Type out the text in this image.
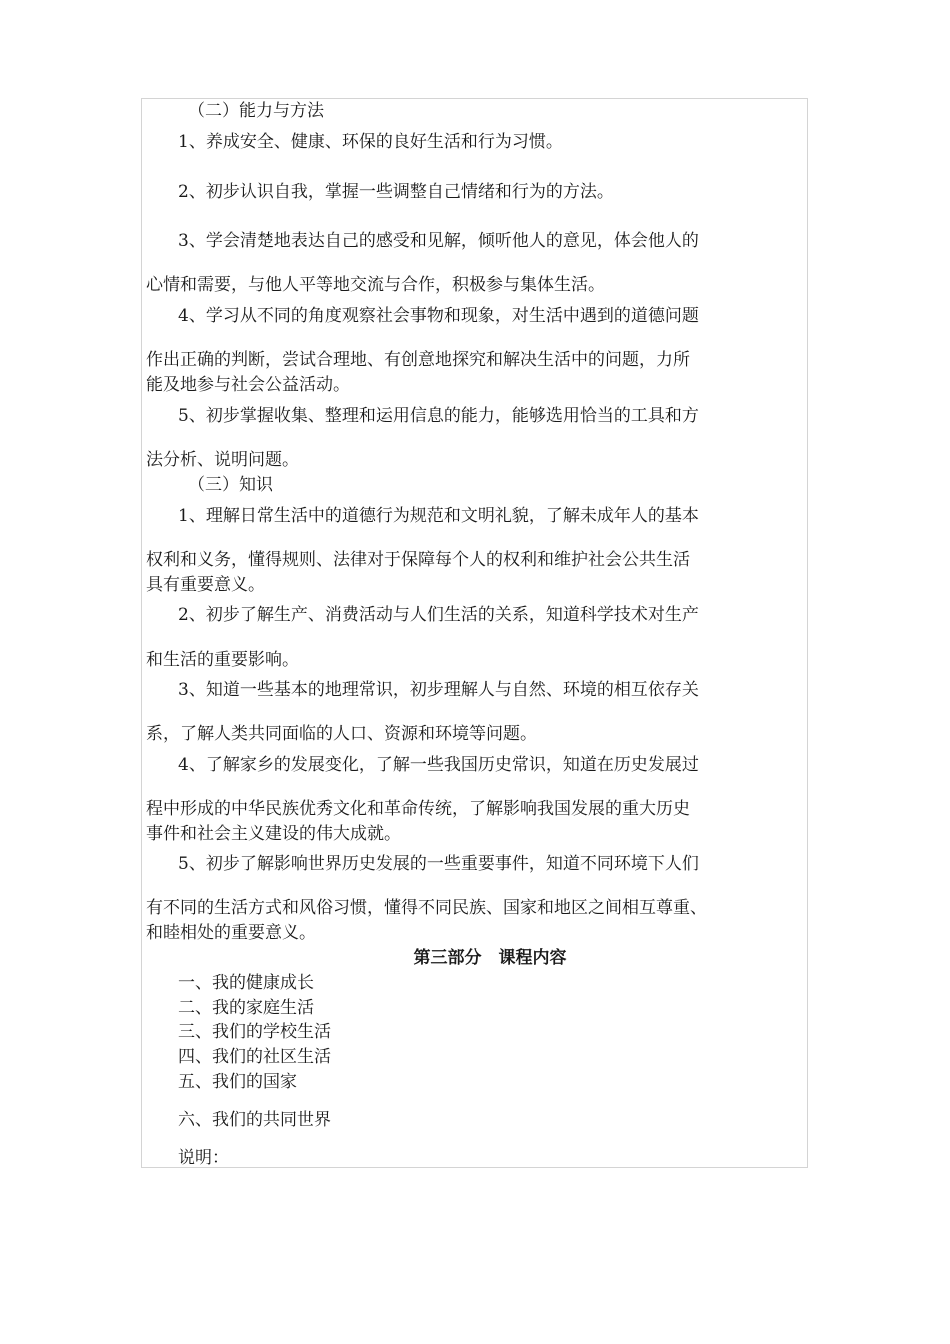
（二）能力与方法
1、养成安全、健康、环保的良好生活和行为习惯。
2、初步认识自我，掌握一些调整自己情绪和行为的方法。
3、学会清楚地表达自己的感受和见解，倾听他人的意见，体会他人的
心情和需要，与他人平等地交流与合作，积极参与集体生活。
4、学习从不同的角度观察社会事物和现象，对生活中遇到的道德问题
作出正确的判断，尝试合理地、有创意地探究和解决生活中的问题，力所
能及地参与社会公益活动。
5、初步掌握收集、整理和运用信息的能力，能够选用恰当的工具和方
法分析、说明问题。
（三）知识
1、理解日常生活中的道德行为规范和文明礼貌，了解未成年人的基本
权利和义务，懂得规则、法律对于保障每个人的权利和维护社会公共生活
具有重要意义。
2、初步了解生产、消费活动与人们生活的关系，知道科学技术对生产
和生活的重要影响。
3、知道一些基本的地理常识，初步理解人与自然、环境的相互依存关
系，了解人类共同面临的人口、资源和环境等问题。
4、了解家乡的发展变化，了解一些我国历史常识，知道在历史发展过
程中形成的中华民族优秀文化和革命传统，了解影响我国发展的重大历史
事件和社会主义建设的伟大成就。
5、初步了解影响世界历史发展的一些重要事件，知道不同环境下人们
有不同的生活方式和风俗习惯，懂得不同民族、国家和地区之间相互尊重、
和睦相处的重要意义。
第三部分　课程内容
一、我的健康成长
二、我的家庭生活
三、我们的学校生活
四、我们的社区生活
五、我们的国家
六、我们的共同世界
说明：
